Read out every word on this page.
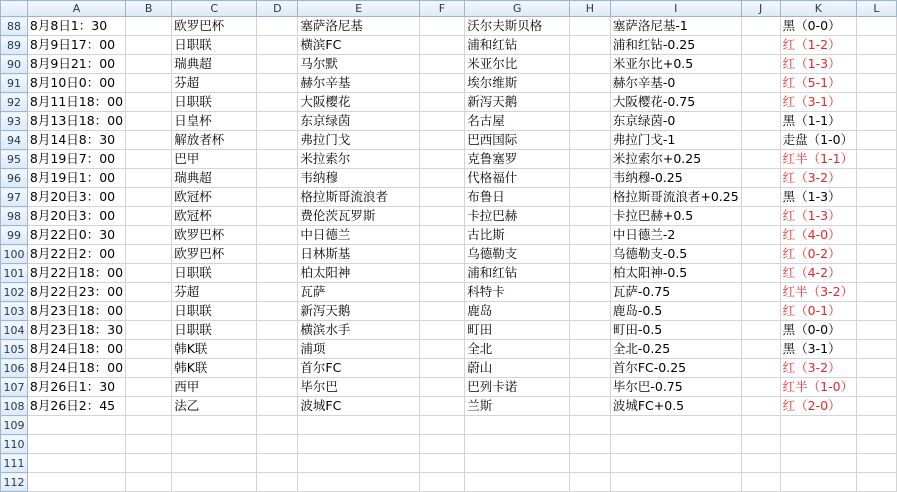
	A	B	C	D	E	F	G	H	I	J	K	L
88	8月8日1：30		欧罗巴杯		塞萨洛尼基		沃尔夫斯贝格		塞萨洛尼基-1		黑（0-0）	
89	8月9日17：00		日职联		横滨FC		浦和红钻		浦和红钻-0.25		红（1-2）	
90	8月9日21：00		瑞典超		马尔默		米亚尔比		米亚尔比+0.5		红（1-3）	
91	8月10日0：00		芬超		赫尔辛基		埃尔维斯		赫尔辛基-0		红（5-1）	
92	8月11日18：00		日职联		大阪樱花		新泻天鹅		大阪樱花-0.75		红（3-1）	
93	8月13日18：00		日皇杯		东京绿茵		名古屋		东京绿茵-0		黑（1-1）	
94	8月14日8：30		解放者杯		弗拉门戈		巴西国际		弗拉门戈-1		走盘（1-0）	
95	8月19日7：00		巴甲		米拉索尔		克鲁塞罗		米拉索尔+0.25		红半（1-1）	
96	8月19日1：00		瑞典超		韦纳穆		代格福什		韦纳穆-0.25		红（3-2）	
97	8月20日3：00		欧冠杯		格拉斯哥流浪者		布鲁日		格拉斯哥流浪者+0.25		黑（1-3）	
98	8月20日3：00		欧冠杯		费伦茨瓦罗斯		卡拉巴赫		卡拉巴赫+0.5		红（1-3）	
99	8月22日0：30		欧罗巴杯		中日德兰		古比斯		中日德兰-2		红（4-0）	
100	8月22日2：00		欧罗巴杯		日林斯基		乌德勒支		乌德勒支-0.5		红（0-2）	
101	8月22日18：00		日职联		柏太阳神		浦和红钻		柏太阳神-0.5		红（4-2）	
102	8月22日23：00		芬超		瓦萨		科特卡		瓦萨-0.75		红半（3-2）	
103	8月23日18：00		日职联		新泻天鹅		鹿岛		鹿岛-0.5		红（0-1）	
104	8月23日18：30		日职联		横滨水手		町田		町田-0.5		黑（0-0）	
105	8月24日18：00		韩K联		浦项		全北		全北-0.25		黑（3-1）	
106	8月24日18：00		韩K联		首尔FC		蔚山		首尔FC-0.25		红（3-2）	
107	8月26日1：30		西甲		毕尔巴		巴列卡诺		毕尔巴-0.75		红半（1-0）	
108	8月26日2：45		法乙		波城FC		兰斯		波城FC+0.5		红（2-0）	
109												
110												
111												
112												
